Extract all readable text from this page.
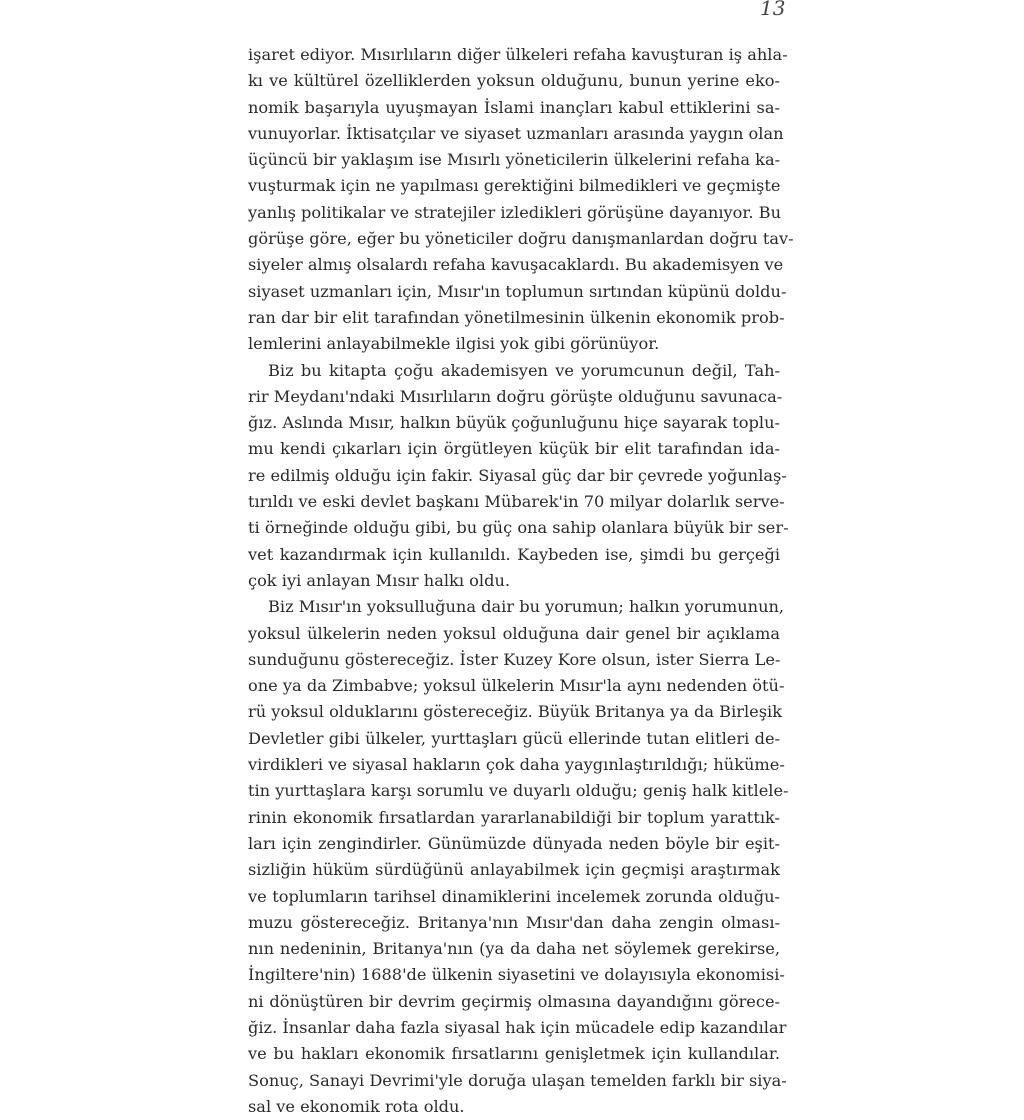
13
işaret ediyor. Mısırlıların diğer ülkeleri refaha kavuşturan iş ahla-
kı ve kültürel özelliklerden yoksun olduğunu, bunun yerine eko-
nomik başarıyla uyuşmayan İslami inançları kabul ettiklerini sa-
vunuyorlar. İktisatçılar ve siyaset uzmanları arasında yaygın olan
üçüncü bir yaklaşım ise Mısırlı yöneticilerin ülkelerini refaha ka-
vuşturmak için ne yapılması gerektiğini bilmedikleri ve geçmişte
yanlış politikalar ve stratejiler izledikleri görüşüne dayanıyor. Bu
görüşe göre, eğer bu yöneticiler doğru danışmanlardan doğru tav-
siyeler almış olsalardı refaha kavuşacaklardı. Bu akademisyen ve
siyaset uzmanları için, Mısır'ın toplumun sırtından küpünü doldu-
ran dar bir elit tarafından yönetilmesinin ülkenin ekonomik prob-
lemlerini anlayabilmekle ilgisi yok gibi görünüyor.
Biz bu kitapta çoğu akademisyen ve yorumcunun değil, Tah-
rir Meydanı'ndaki Mısırlıların doğru görüşte olduğunu savunaca-
ğız. Aslında Mısır, halkın büyük çoğunluğunu hiçe sayarak toplu-
mu kendi çıkarları için örgütleyen küçük bir elit tarafından ida-
re edilmiş olduğu için fakir. Siyasal güç dar bir çevrede yoğunlaş-
tırıldı ve eski devlet başkanı Mübarek'in 70 milyar dolarlık serve-
ti örneğinde olduğu gibi, bu güç ona sahip olanlara büyük bir ser-
vet kazandırmak için kullanıldı. Kaybeden ise, şimdi bu gerçeği
çok iyi anlayan Mısır halkı oldu.
Biz Mısır'ın yoksulluğuna dair bu yorumun; halkın yorumunun,
yoksul ülkelerin neden yoksul olduğuna dair genel bir açıklama
sunduğunu göstereceğiz. İster Kuzey Kore olsun, ister Sierra Le-
one ya da Zimbabve; yoksul ülkelerin Mısır'la aynı nedenden ötü-
rü yoksul olduklarını göstereceğiz. Büyük Britanya ya da Birleşik
Devletler gibi ülkeler, yurttaşları gücü ellerinde tutan elitleri de-
virdikleri ve siyasal hakların çok daha yaygınlaştırıldığı; hüküme-
tin yurttaşlara karşı sorumlu ve duyarlı olduğu; geniş halk kitlele-
rinin ekonomik fırsatlardan yararlanabildiği bir toplum yarattık-
ları için zengindirler. Günümüzde dünyada neden böyle bir eşit-
sizliğin hüküm sürdüğünü anlayabilmek için geçmişi araştırmak
ve toplumların tarihsel dinamiklerini incelemek zorunda olduğu-
muzu göstereceğiz. Britanya'nın Mısır'dan daha zengin olması-
nın nedeninin, Britanya'nın (ya da daha net söylemek gerekirse,
İngiltere'nin) 1688'de ülkenin siyasetini ve dolayısıyla ekonomisi-
ni dönüştüren bir devrim geçirmiş olmasına dayandığını görece-
ğiz. İnsanlar daha fazla siyasal hak için mücadele edip kazandılar
ve bu hakları ekonomik fırsatlarını genişletmek için kullandılar.
Sonuç, Sanayi Devrimi'yle doruğa ulaşan temelden farklı bir siya-
sal ve ekonomik rota oldu.
